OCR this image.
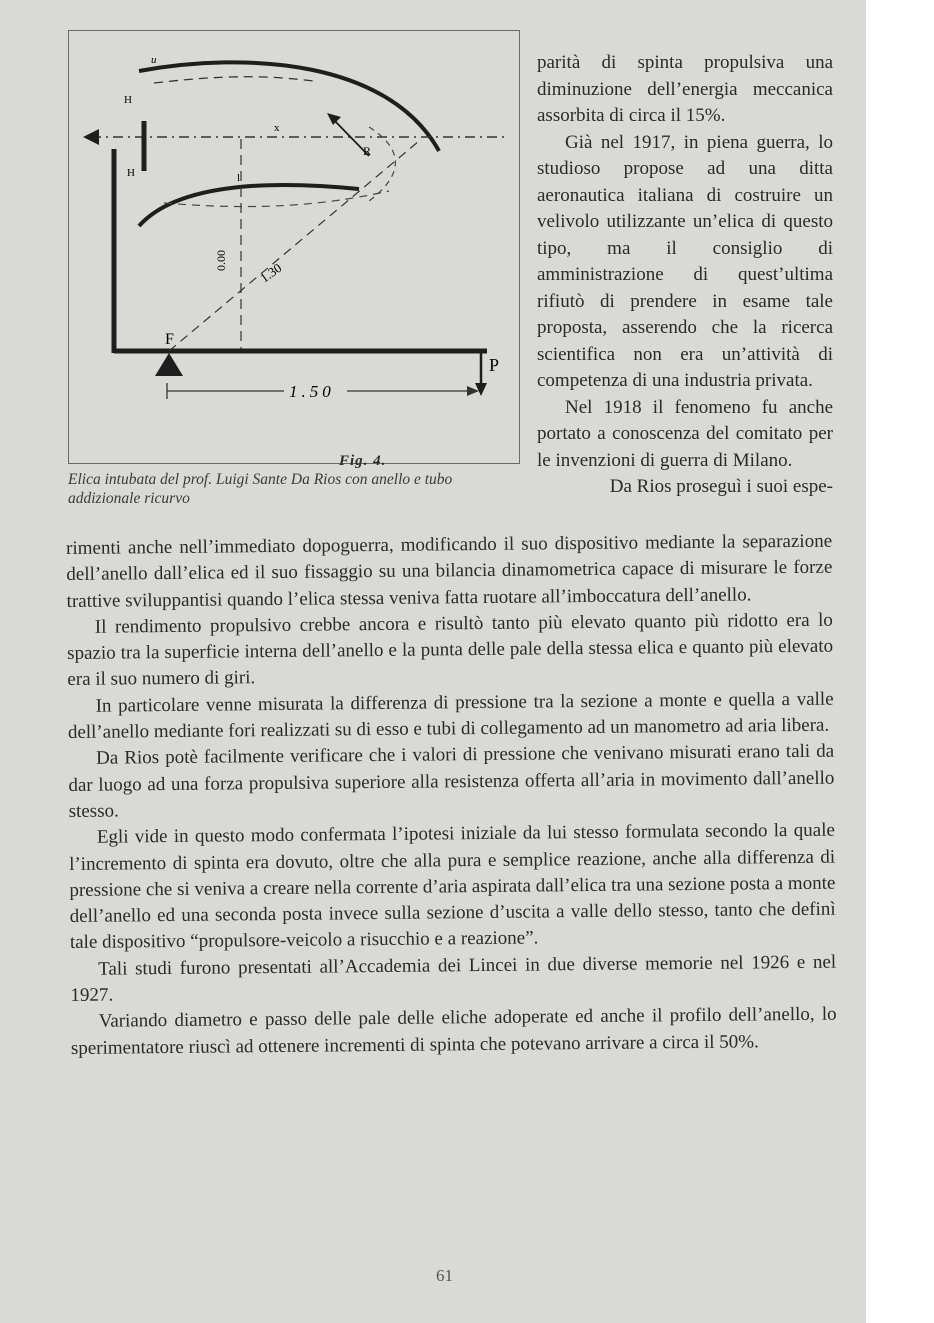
H
H
u
R
F
P
x
l
0.00 1.30
1.50
Fig. 4.
Elica intubata del prof. Luigi Sante Da Rios con anello e tubo addizionale ricurvo

parità di spinta propulsiva una diminuzione dell’energia meccanica assorbita di circa il 15%.

Già nel 1917, in piena guerra, lo studioso propose ad una ditta aeronautica italiana di costruire un velivolo utilizzante un’elica di questo tipo, ma il consiglio di amministrazione di quest’ultima rifiutò di prendere in esame tale proposta, asserendo che la ricerca scientifica non era un’attività di competenza di una industria privata.

Nel 1918 il fenomeno fu anche portato a conoscenza del comitato per le invenzioni di guerra di Milano.

Da Rios proseguì i suoi espe-

rimenti anche nell’immediato dopoguerra, modificando il suo dispositivo mediante la separazione dell’anello dall’elica ed il suo fissaggio su una bilancia dinamometrica capace di misurare le forze trattive sviluppantisi quando l’elica stessa veniva fatta ruotare all’imboccatura dell’anello.

Il rendimento propulsivo crebbe ancora e risultò tanto più elevato quanto più ridotto era lo spazio tra la superficie interna dell’anello e la punta delle pale della stessa elica e quanto più elevato era il suo numero di giri.

In particolare venne misurata la differenza di pressione tra la sezione a monte e quella a valle dell’anello mediante fori realizzati su di esso e tubi di collegamento ad un manometro ad aria libera.

Da Rios potè facilmente verificare che i valori di pressione che venivano misurati erano tali da dar luogo ad una forza propulsiva superiore alla resistenza offerta all’aria in movimento dall’anello stesso.

Egli vide in questo modo confermata l’ipotesi iniziale da lui stesso formulata secondo la quale l’incremento di spinta era dovuto, oltre che alla pura e semplice reazione, anche alla differenza di pressione che si veniva a creare nella corrente d’aria aspirata dall’elica tra una sezione posta a monte dell’anello ed una seconda posta invece sulla sezione d’uscita a valle dello stesso, tanto che definì tale dispositivo “propulsore-veicolo a risucchio e a reazione”.

Tali studi furono presentati all’Accademia dei Lincei in due diverse memorie nel 1926 e nel 1927.

Variando diametro e passo delle pale delle eliche adoperate ed anche il profilo dell’anello, lo sperimentatore riuscì ad ottenere incrementi di spinta che potevano arrivare a circa il 50%.

61
